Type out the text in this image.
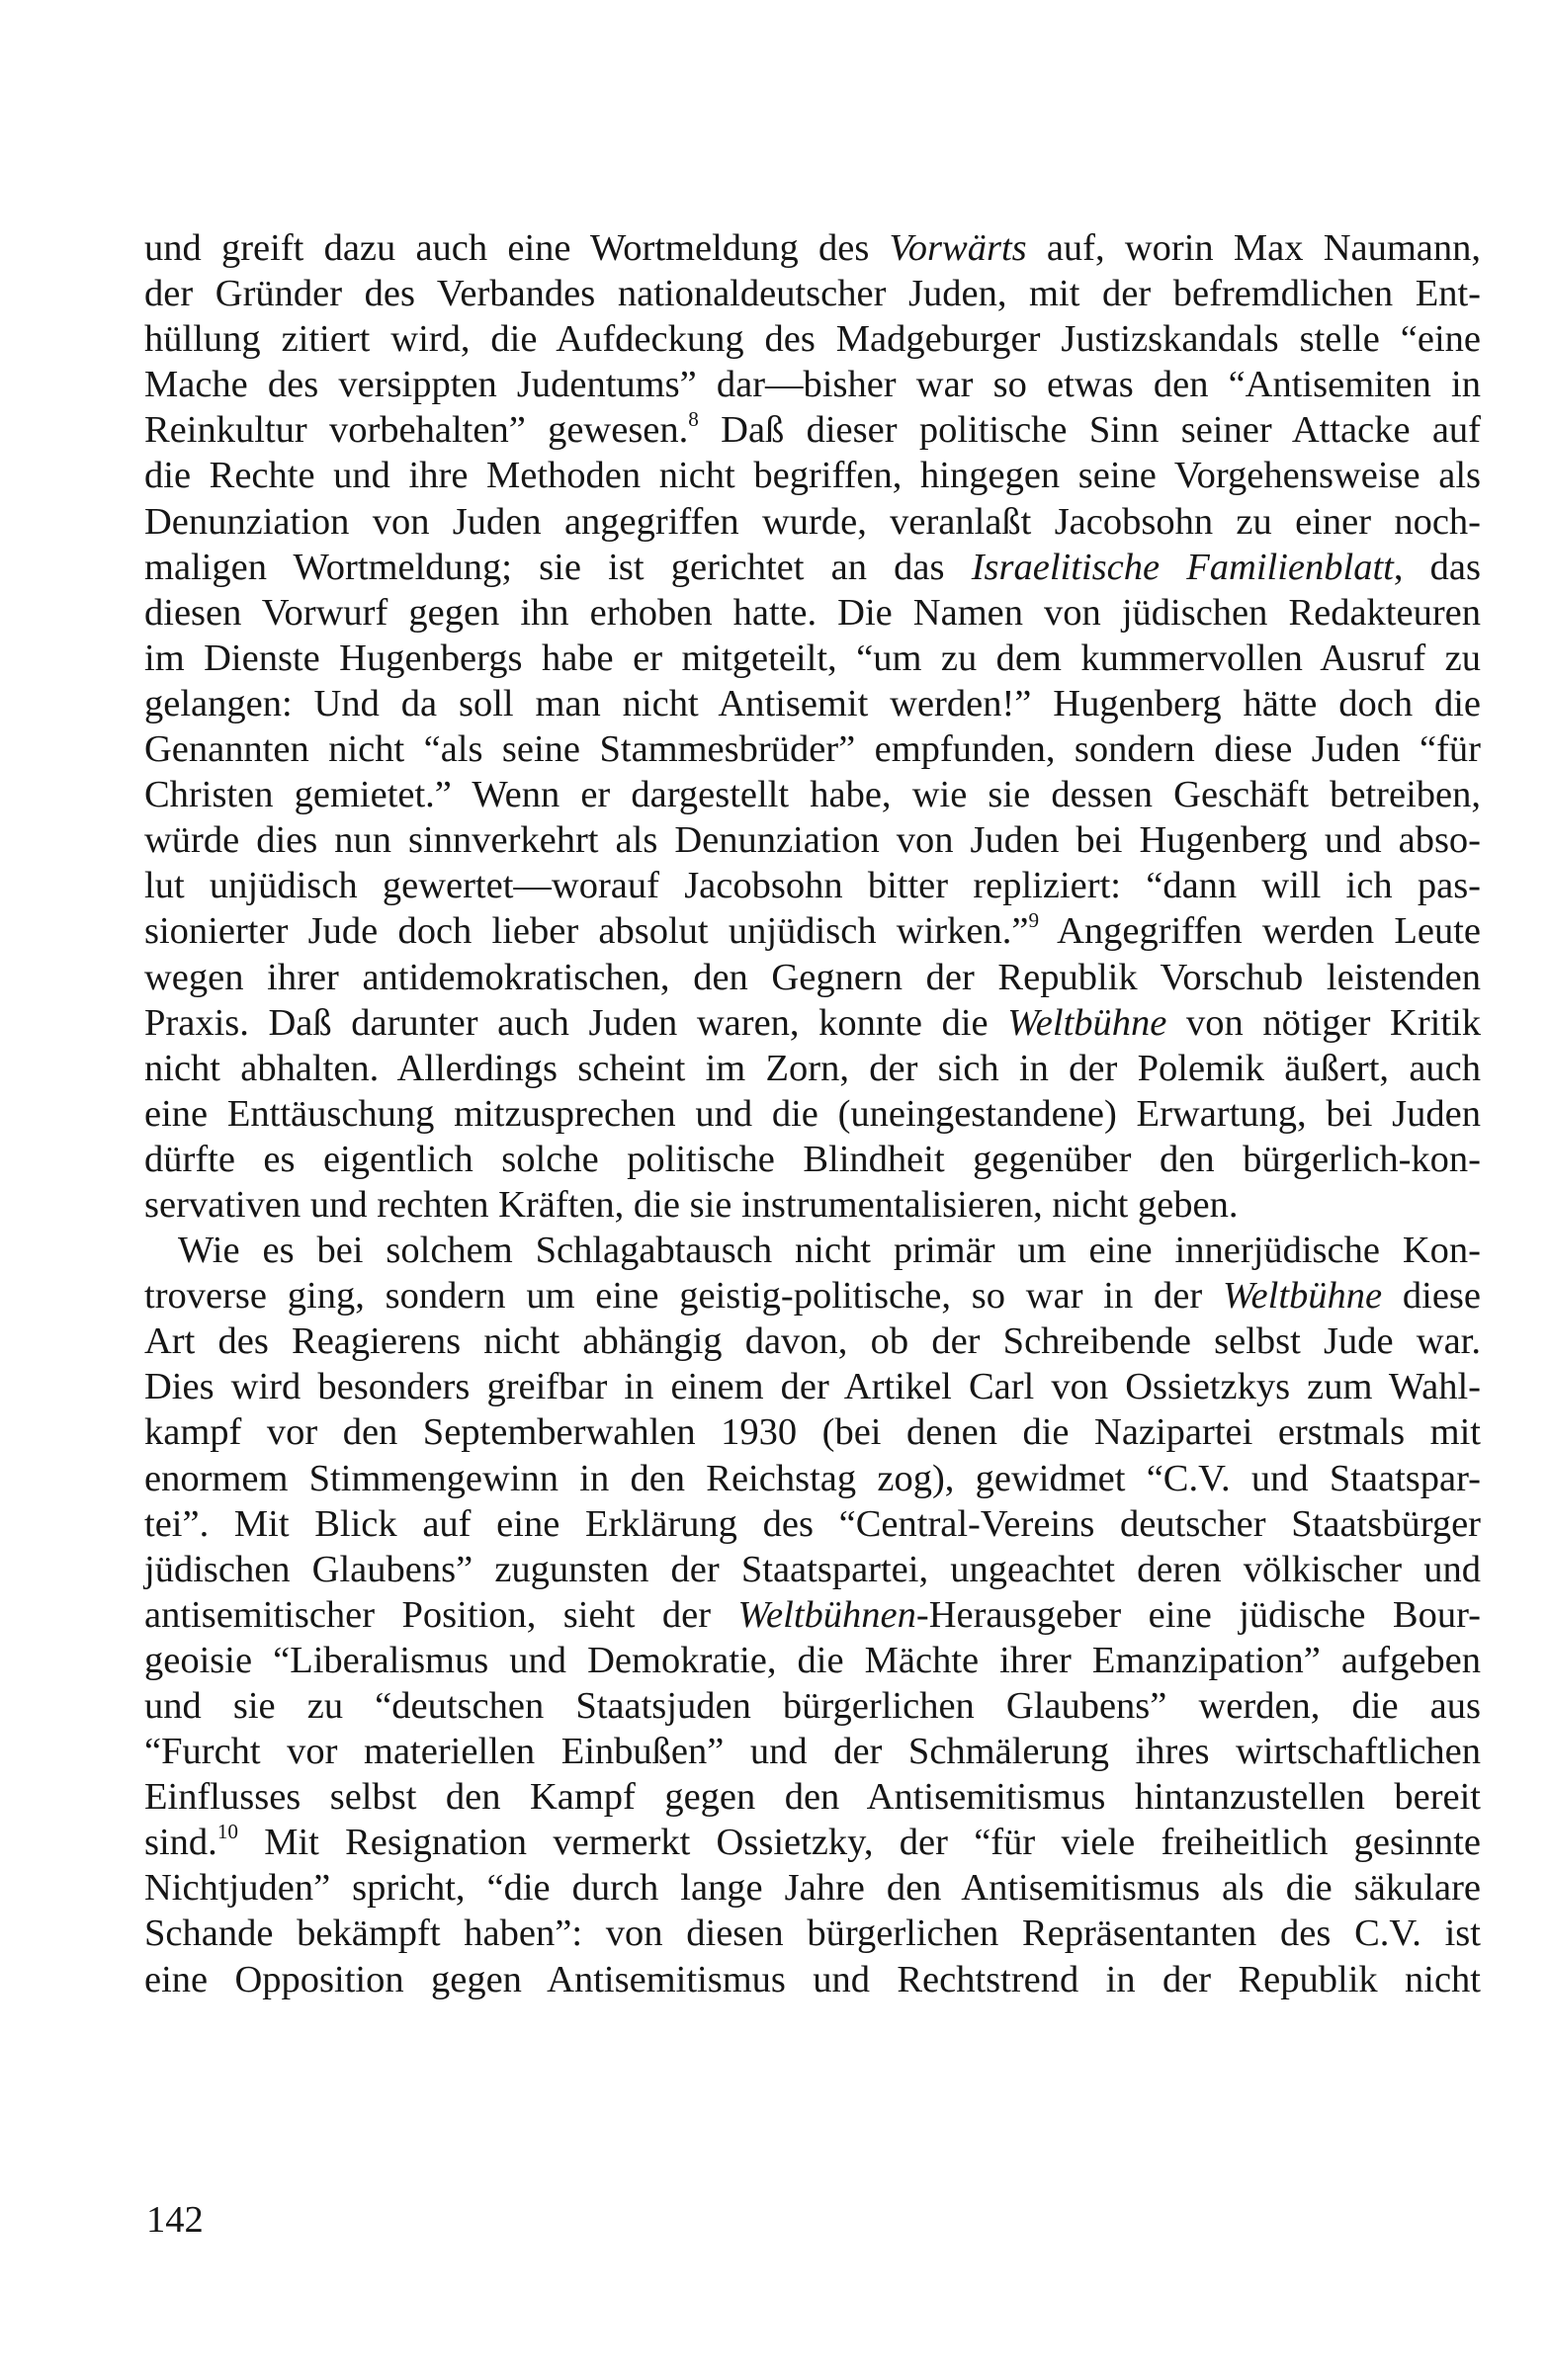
und greift dazu auch eine Wortmeldung des Vorwärts auf, worin Max Naumann,
der Gründer des Verbandes nationaldeutscher Juden, mit der befremdlichen Ent-
hüllung zitiert wird, die Aufdeckung des Madgeburger Justizskandals stelle “eine
Mache des versippten Judentums” dar—bisher war so etwas den “Antisemiten in
Reinkultur vorbehalten” gewesen.$^8$ Daß dieser politische Sinn seiner Attacke auf
die Rechte und ihre Methoden nicht begriffen, hingegen seine Vorgehensweise als
Denunziation von Juden angegriffen wurde, veranlaßt Jacobsohn zu einer noch-
maligen Wortmeldung; sie ist gerichtet an das Israelitische Familienblatt, das
diesen Vorwurf gegen ihn erhoben hatte. Die Namen von jüdischen Redakteuren
im Dienste Hugenbergs habe er mitgeteilt, “um zu dem kummervollen Ausruf zu
gelangen: Und da soll man nicht Antisemit werden!” Hugenberg hätte doch die
Genannten nicht “als seine Stammesbrüder” empfunden, sondern diese Juden “für
Christen gemietet.” Wenn er dargestellt habe, wie sie dessen Geschäft betreiben,
würde dies nun sinnverkehrt als Denunziation von Juden bei Hugenberg und abso-
lut unjüdisch gewertet—worauf Jacobsohn bitter repliziert: “dann will ich pas-
sionierter Jude doch lieber absolut unjüdisch wirken.”$^9$ Angegriffen werden Leute
wegen ihrer antidemokratischen, den Gegnern der Republik Vorschub leistenden
Praxis. Daß darunter auch Juden waren, konnte die Weltbühne von nötiger Kritik
nicht abhalten. Allerdings scheint im Zorn, der sich in der Polemik äußert, auch
eine Enttäuschung mitzusprechen und die (uneingestandene) Erwartung, bei Juden
dürfte es eigentlich solche politische Blindheit gegenüber den bürgerlich-kon-
servativen und rechten Kräften, die sie instrumentalisieren, nicht geben.
Wie es bei solchem Schlagabtausch nicht primär um eine innerjüdische Kon-
troverse ging, sondern um eine geistig-politische, so war in der Weltbühne diese
Art des Reagierens nicht abhängig davon, ob der Schreibende selbst Jude war.
Dies wird besonders greifbar in einem der Artikel Carl von Ossietzkys zum Wahl-
kampf vor den Septemberwahlen 1930 (bei denen die Nazipartei erstmals mit
enormem Stimmengewinn in den Reichstag zog), gewidmet “C.V. und Staatspar-
tei”. Mit Blick auf eine Erklärung des “Central-Vereins deutscher Staatsbürger
jüdischen Glaubens” zugunsten der Staatspartei, ungeachtet deren völkischer und
antisemitischer Position, sieht der Weltbühnen-Herausgeber eine jüdische Bour-
geoisie “Liberalismus und Demokratie, die Mächte ihrer Emanzipation” aufgeben
und sie zu “deutschen Staatsjuden bürgerlichen Glaubens” werden, die aus
“Furcht vor materiellen Einbußen” und der Schmälerung ihres wirtschaftlichen
Einflusses selbst den Kampf gegen den Antisemitismus hintanzustellen bereit
sind.$^{10}$ Mit Resignation vermerkt Ossietzky, der “für viele freiheitlich gesinnte
Nichtjuden” spricht, “die durch lange Jahre den Antisemitismus als die säkulare
Schande bekämpft haben”: von diesen bürgerlichen Repräsentanten des C.V. ist
eine Opposition gegen Antisemitismus und Rechtstrend in der Republik nicht
142
